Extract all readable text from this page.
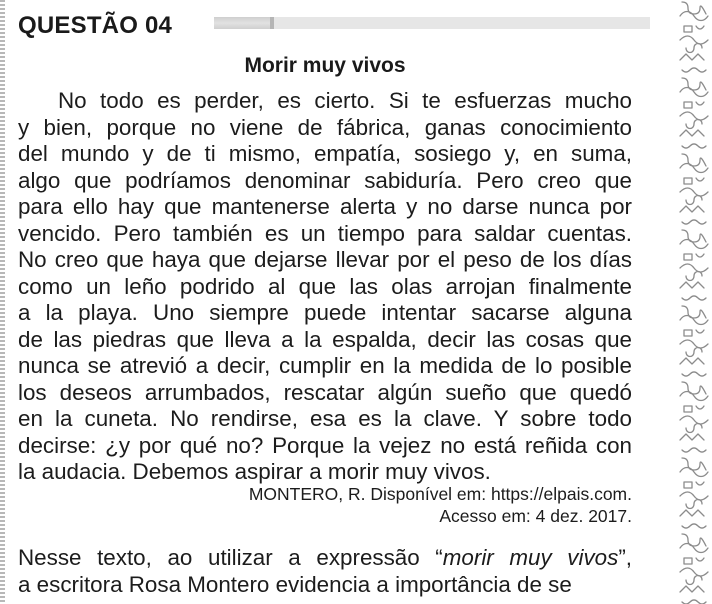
QUESTÃO 04
Morir muy vivos
No todo es perder, es cierto. Si te esfuerzas mucho
y bien, porque no viene de fábrica, ganas conocimiento
del mundo y de ti mismo, empatía, sosiego y, en suma,
algo que podríamos denominar sabiduría. Pero creo que
para ello hay que mantenerse alerta y no darse nunca por
vencido. Pero también es un tiempo para saldar cuentas.
No creo que haya que dejarse llevar por el peso de los días
como un leño podrido al que las olas arrojan finalmente
a la playa. Uno siempre puede intentar sacarse alguna
de las piedras que lleva a la espalda, decir las cosas que
nunca se atrevió a decir, cumplir en la medida de lo posible
los deseos arrumbados, rescatar algún sueño que quedó
en la cuneta. No rendirse, esa es la clave. Y sobre todo
decirse: ¿y por qué no? Porque la vejez no está reñida con
la audacia. Debemos aspirar a morir muy vivos.
MONTERO, R. Disponível em: https://elpais.com.
Acesso em: 4 dez. 2017.
Nesse texto, ao utilizar a expressão “morir muy vivos”,
a escritora Rosa Montero evidencia a importância de se
